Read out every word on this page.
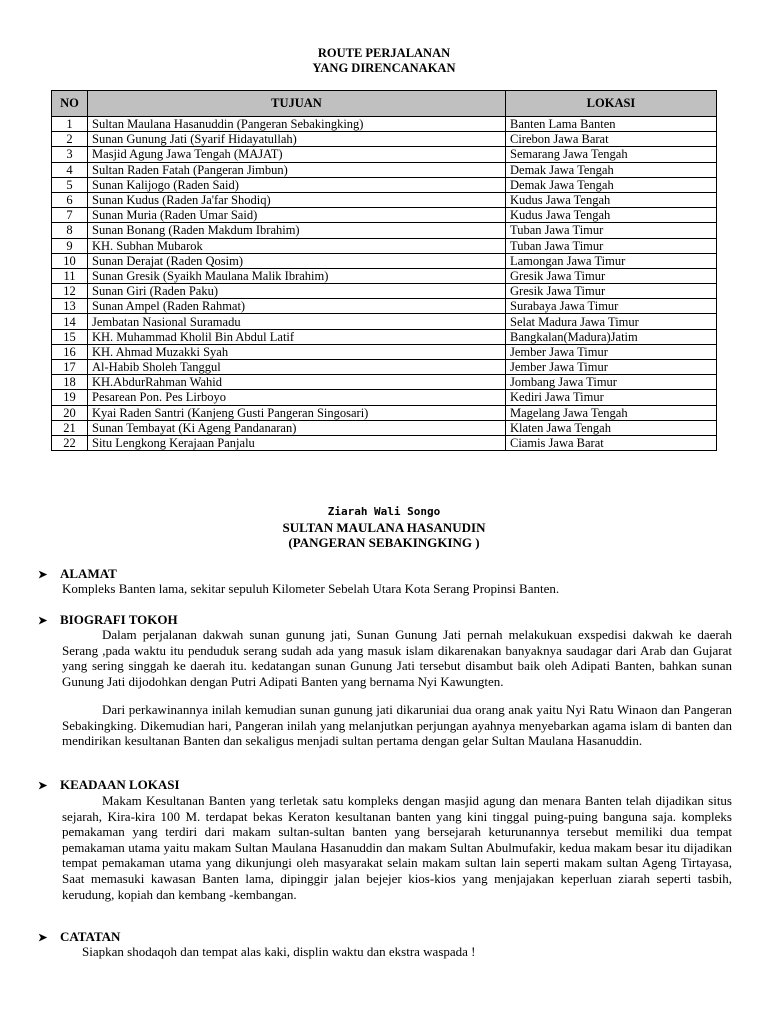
ROUTE PERJALANAN
YANG DIRENCANAKAN
NO	TUJUAN	LOKASI
1	Sultan Maulana Hasanuddin (Pangeran Sebakingking)	Banten Lama Banten
2	Sunan Gunung Jati (Syarif Hidayatullah)	Cirebon Jawa Barat
3	Masjid Agung Jawa Tengah (MAJAT)	Semarang Jawa Tengah
4	Sultan Raden Fatah (Pangeran Jimbun)	Demak Jawa Tengah
5	Sunan Kalijogo (Raden Said)	Demak Jawa Tengah
6	Sunan Kudus (Raden Ja'far Shodiq)	Kudus Jawa Tengah
7	Sunan Muria (Raden Umar Said)	Kudus Jawa Tengah
8	Sunan Bonang (Raden Makdum Ibrahim)	Tuban Jawa Timur
9	KH. Subhan Mubarok	Tuban Jawa Timur
10	Sunan Derajat (Raden Qosim)	Lamongan Jawa Timur
11	Sunan Gresik (Syaikh Maulana Malik Ibrahim)	Gresik Jawa Timur
12	Sunan Giri (Raden Paku)	Gresik Jawa Timur
13	Sunan Ampel (Raden Rahmat)	Surabaya Jawa Timur
14	Jembatan Nasional Suramadu	Selat Madura Jawa Timur
15	KH. Muhammad Kholil Bin Abdul Latif	Bangkalan(Madura)Jatim
16	KH. Ahmad Muzakki Syah	Jember Jawa Timur
17	Al-Habib Sholeh Tanggul	Jember Jawa Timur
18	KH.AbdurRahman Wahid	Jombang Jawa Timur
19	Pesarean Pon. Pes Lirboyo	Kediri Jawa Timur
20	Kyai Raden Santri (Kanjeng Gusti Pangeran Singosari)	Magelang Jawa Tengah
21	Sunan Tembayat (Ki Ageng Pandanaran)	Klaten Jawa Tengah
22	Situ Lengkong Kerajaan Panjalu	Ciamis Jawa Barat
Ziarah Wali Songo
SULTAN MAULANA HASANUDIN
(PANGERAN SEBAKINGKING )
➤ ALAMAT

Kompleks Banten lama, sekitar sepuluh Kilometer Sebelah Utara Kota Serang Propinsi Banten.

➤ BIOGRAFI TOKOH

Dalam perjalanan dakwah sunan gunung jati, Sunan Gunung Jati pernah melakukuan exspedisi dakwah ke daerah Serang ,pada waktu itu penduduk serang sudah ada yang masuk islam dikarenakan banyaknya saudagar dari Arab dan Gujarat yang sering singgah ke daerah itu. kedatangan sunan Gunung Jati tersebut disambut baik oleh Adipati Banten, bahkan sunan Gunung Jati dijodohkan dengan Putri Adipati Banten yang bernama Nyi Kawungten.

Dari perkawinannya inilah kemudian sunan gunung jati dikaruniai dua orang anak yaitu Nyi Ratu Winaon dan Pangeran Sebakingking. Dikemudian hari, Pangeran inilah yang melanjutkan perjungan ayahnya menyebarkan agama islam di banten dan mendirikan kesultanan Banten dan sekaligus menjadi sultan pertama dengan gelar Sultan Maulana Hasanuddin.

➤ KEADAAN LOKASI

Makam Kesultanan Banten yang terletak satu kompleks dengan masjid agung dan menara Banten telah dijadikan situs sejarah, Kira-kira 100 M. terdapat bekas Keraton kesultanan banten yang kini tinggal puing-puing banguna saja. kompleks pemakaman yang terdiri dari makam sultan-sultan banten yang bersejarah keturunannya tersebut memiliki dua tempat pemakaman utama yaitu makam Sultan Maulana Hasanuddin dan makam Sultan Abulmufakir, kedua makam besar itu dijadikan tempat pemakaman utama yang dikunjungi oleh masyarakat selain makam sultan lain seperti makam sultan Ageng Tirtayasa, Saat memasuki kawasan Banten lama, dipinggir jalan bejejer kios-kios yang menjajakan keperluan ziarah seperti tasbih, kerudung, kopiah dan kembang -kembangan.

➤ CATATAN

Siapkan shodaqoh dan tempat alas kaki, displin waktu dan ekstra waspada !
